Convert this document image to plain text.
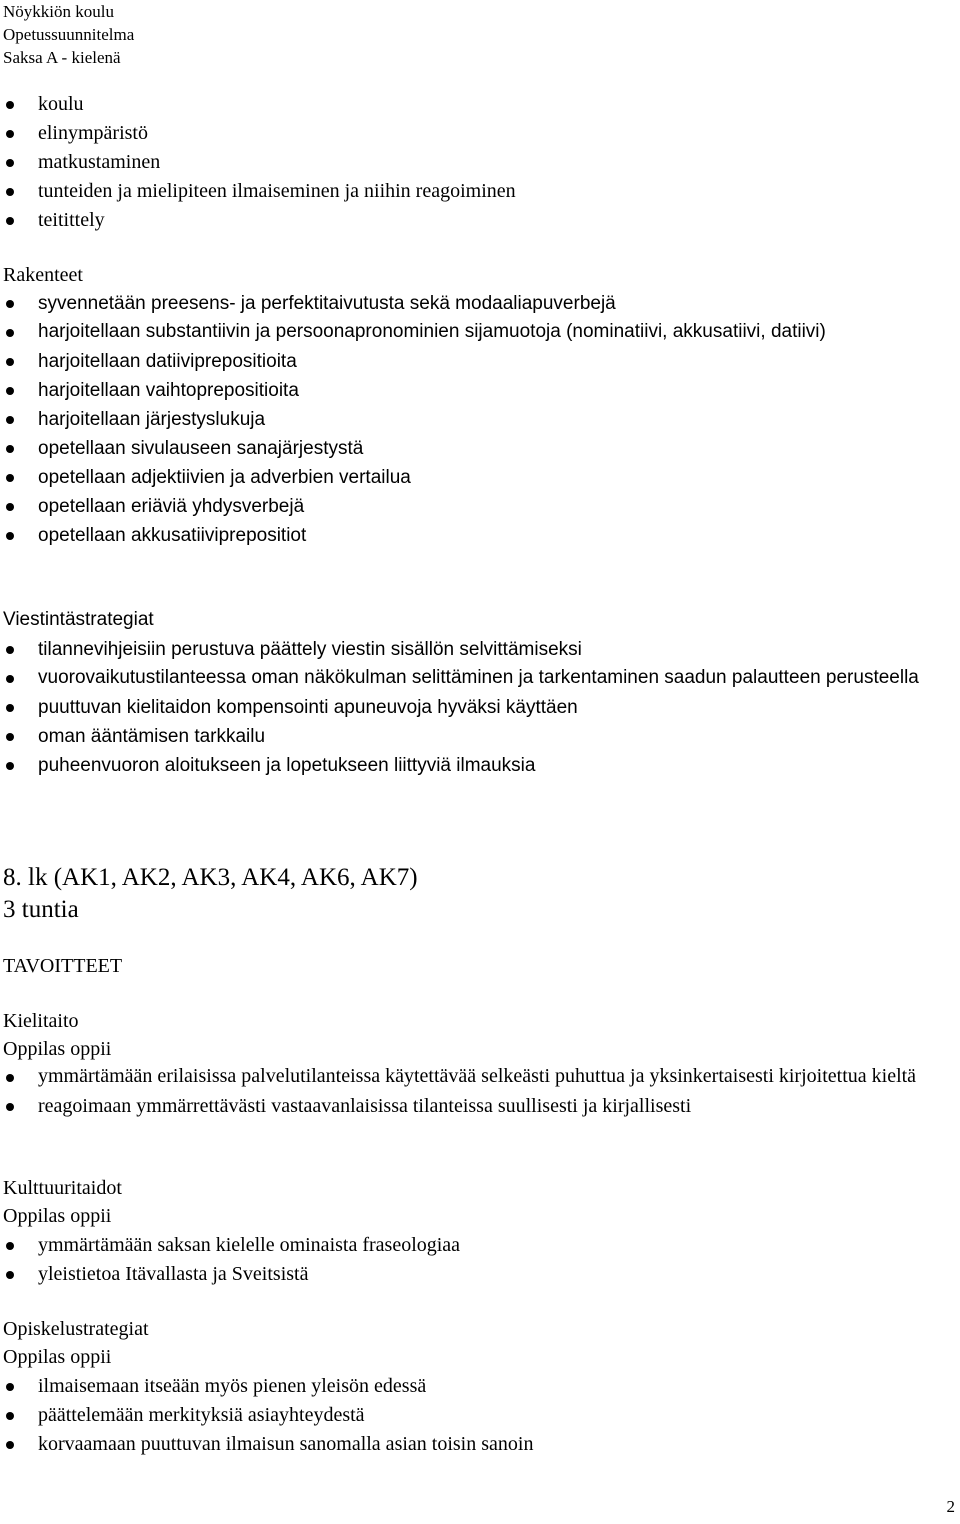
Nöykkiön koulu
Opetussuunnitelma
Saksa A - kielenä
koulu
elinympäristö
matkustaminen
tunteiden ja mielipiteen ilmaiseminen ja niihin reagoiminen
teitittely
Rakenteet
syvennetään preesens- ja perfektitaivutusta sekä modaaliapuverbejä
harjoitellaan substantiivin ja persoonapronominien sijamuotoja (nominatiivi, akkusatiivi, datiivi)
harjoitellaan datiiviprepositioita
harjoitellaan vaihtoprepositioita
harjoitellaan järjestyslukuja
opetellaan sivulauseen sanajärjestystä
opetellaan adjektiivien ja adverbien vertailua
opetellaan eriäviä yhdysverbejä
opetellaan akkusatiiviprepositiot
Viestintästrategiat
tilannevihjeisiin perustuva päättely viestin sisällön selvittämiseksi
vuorovaikutustilanteessa oman näkökulman selittäminen ja tarkentaminen saadun palautteen perusteella
puuttuvan kielitaidon kompensointi apuneuvoja hyväksi käyttäen
oman ääntämisen tarkkailu
puheenvuoron aloitukseen ja lopetukseen liittyviä ilmauksia
8. lk (AK1, AK2, AK3, AK4, AK6, AK7)
3 tuntia
TAVOITTEET
Kielitaito
Oppilas oppii
ymmärtämään erilaisissa palvelutilanteissa käytettävää selkeästi puhuttua ja yksinkertaisesti kirjoitettua kieltä
reagoimaan ymmärrettävästi vastaavanlaisissa tilanteissa suullisesti ja kirjallisesti
Kulttuuritaidot
Oppilas oppii
ymmärtämään saksan kielelle ominaista fraseologiaa
yleistietoa Itävallasta ja Sveitsistä
Opiskelustrategiat
Oppilas oppii
ilmaisemaan itseään myös pienen yleisön edessä
päättelemään merkityksiä asiayhteydestä
korvaamaan puuttuvan ilmaisun sanomalla asian toisin sanoin
2
